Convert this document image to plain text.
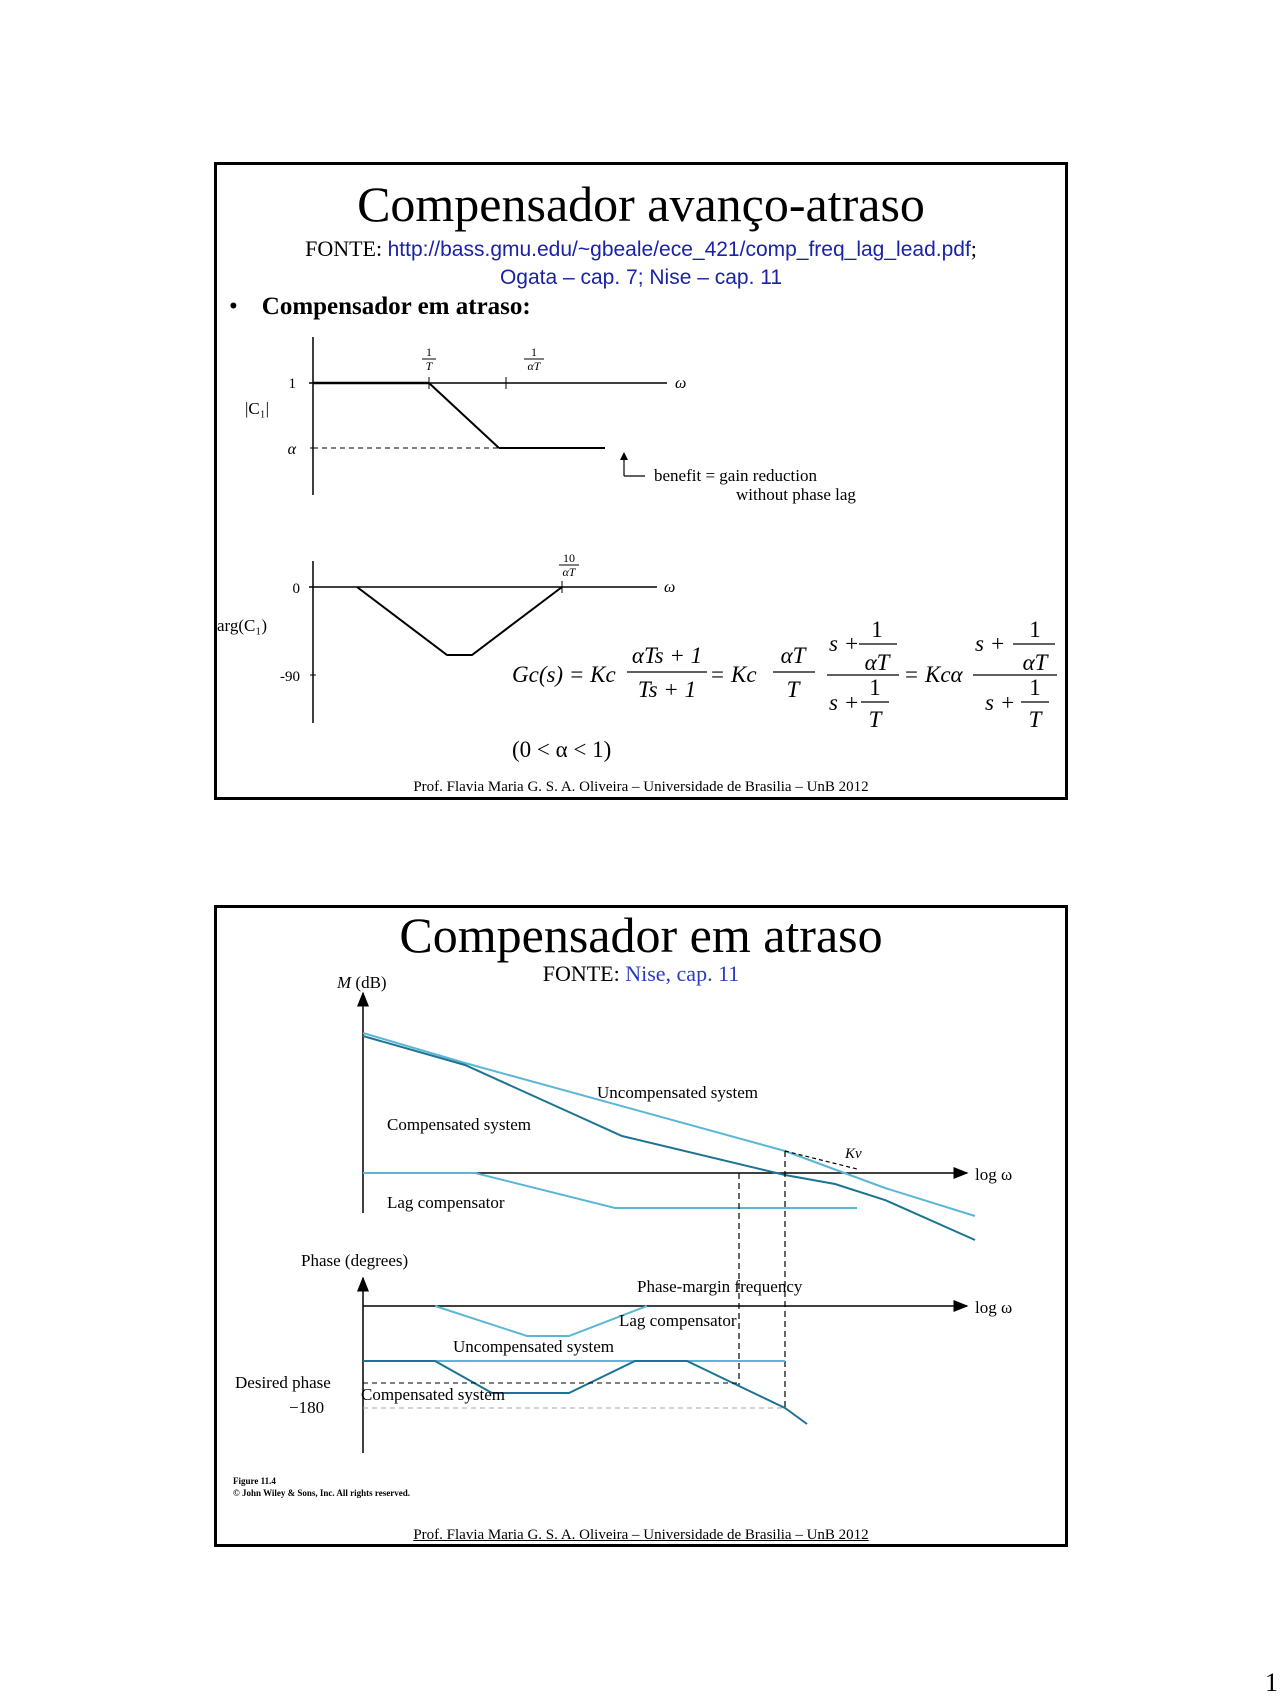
Compensador avanço-atraso
FONTE: http://bass.gmu.edu/~gbeale/ece_421/comp_freq_lag_lead.pdf;
Ogata – cap. 7; Nise – cap. 11
• Compensador em atraso:
1
α
|C₁|
ω
1
T
1
αT
benefit = gain reduction
without phase lag
0
-90
arg(C₁)
ω
10
αT
Gc(s) = Kc
αTs + 1
Ts + 1
= Kc
αT
T
s +
1
αT
s +
1
T
= Kcα
s +
1
αT
s +
1
T
(0 < α < 1)
Prof. Flavia Maria G. S. A. Oliveira – Universidade de Brasilia – UnB 2012
Compensador em atraso
FONTE: Nise, cap. 11
M (dB)
log ω
Kv
Uncompensated system
Compensated system
Lag compensator
Phase (degrees)
log ω
Phase-margin frequency
Lag compensator
Uncompensated system
Desired phase
−180
Compensated system
Figure 11.4
© John Wiley & Sons, Inc. All rights reserved.
Prof. Flavia Maria G. S. A. Oliveira – Universidade de Brasilia – UnB 2012
1
